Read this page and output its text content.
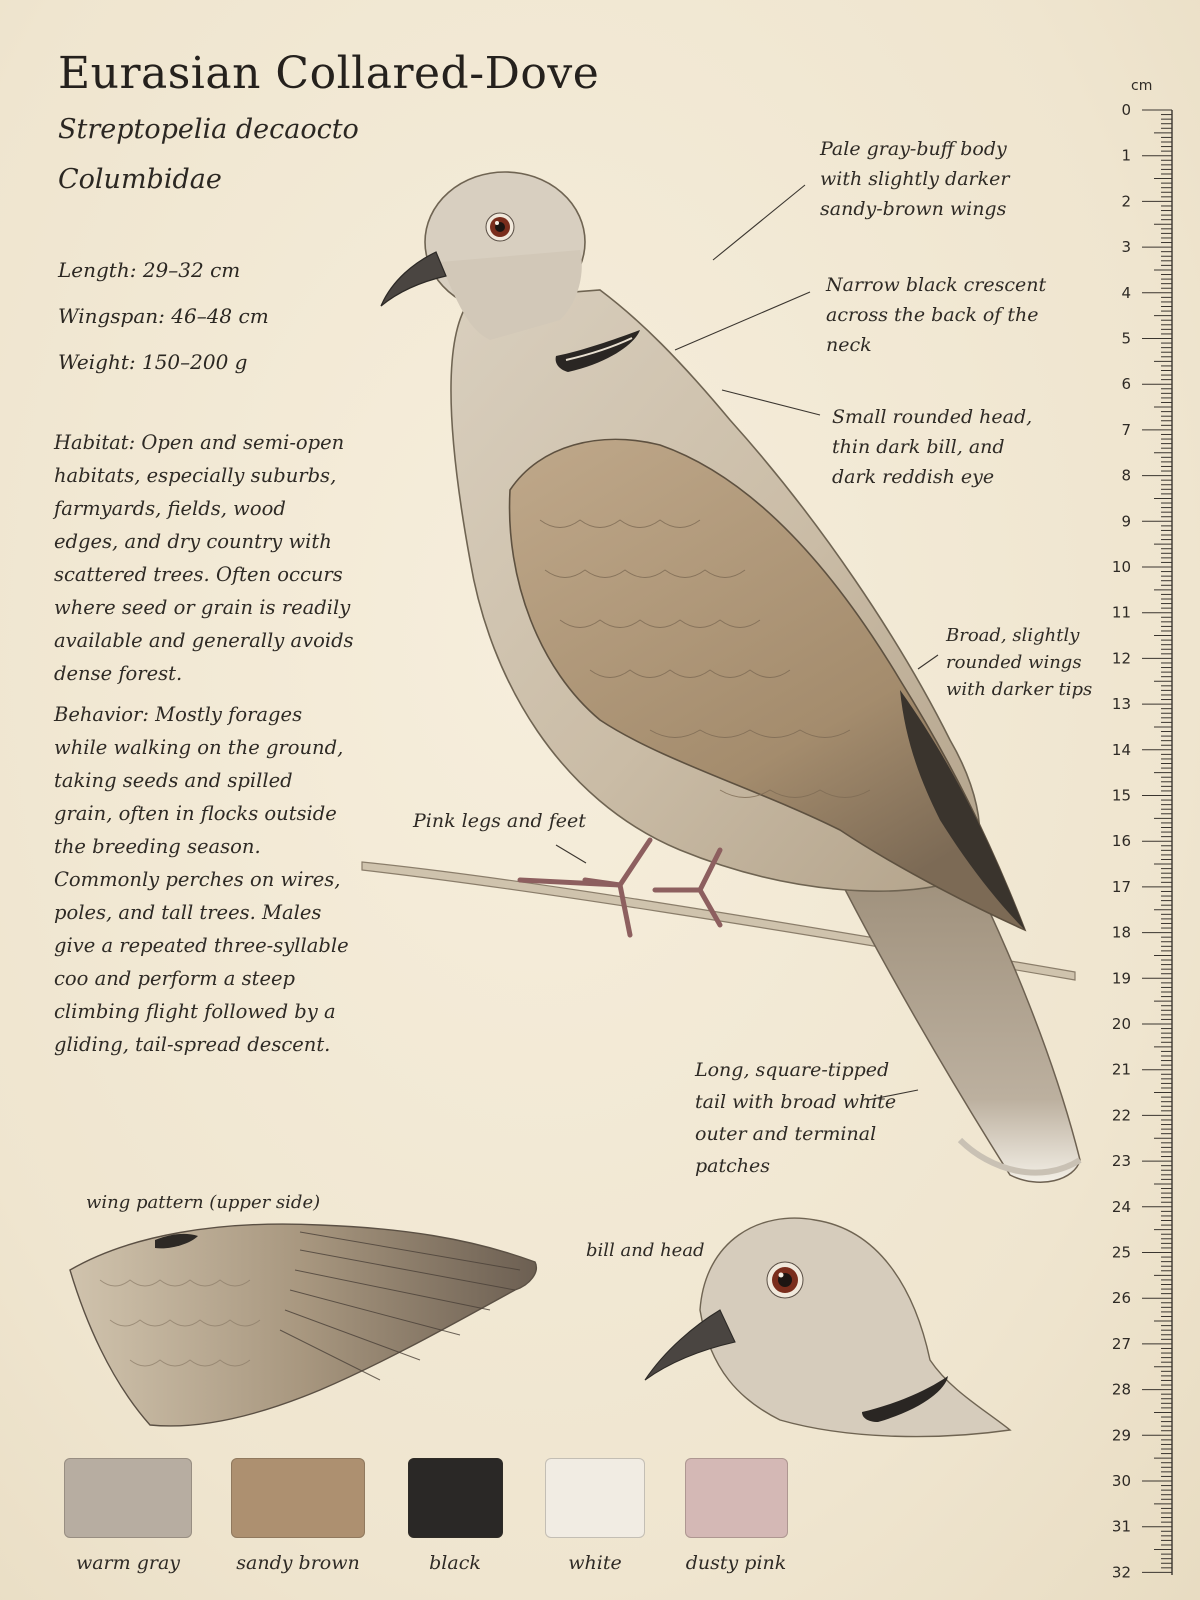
Eurasian Collared-Dove
Streptopelia decaocto
Columbidae
Length: 29–32 cm
Wingspan: 46–48 cm
Weight: 150–200 g

Habitat: Open and semi-open habitats, especially suburbs, farmyards, fields, wood edges, and dry country with scattered trees. Often occurs where seed or grain is readily available and generally avoids dense forest.

Behavior: Mostly forages while walking on the ground, taking seeds and spilled grain, often in flocks outside the breeding season. Commonly perches on wires, poles, and tall trees. Males give a repeated three-syllable coo and perform a steep climbing flight followed by a gliding, tail-spread descent.

0
1
2
3
4
5
6
7
8
9
10
11
12
13
14
15
16
17
18
19
20
21
22
23
24
25
26
27
28
29
30
31
32
cm

Pale gray-buff body with slightly darker sandy-brown wings

Narrow black crescent across the back of the neck

Small rounded head, thin dark bill, and dark reddish eye

Broad, slightly rounded wings with darker tips

Pink legs and feet

Long, square-tipped tail with broad white outer and terminal patches

wing pattern (upper side)
bill and head
warm gray	sandy brown	black	white	dusty pink
